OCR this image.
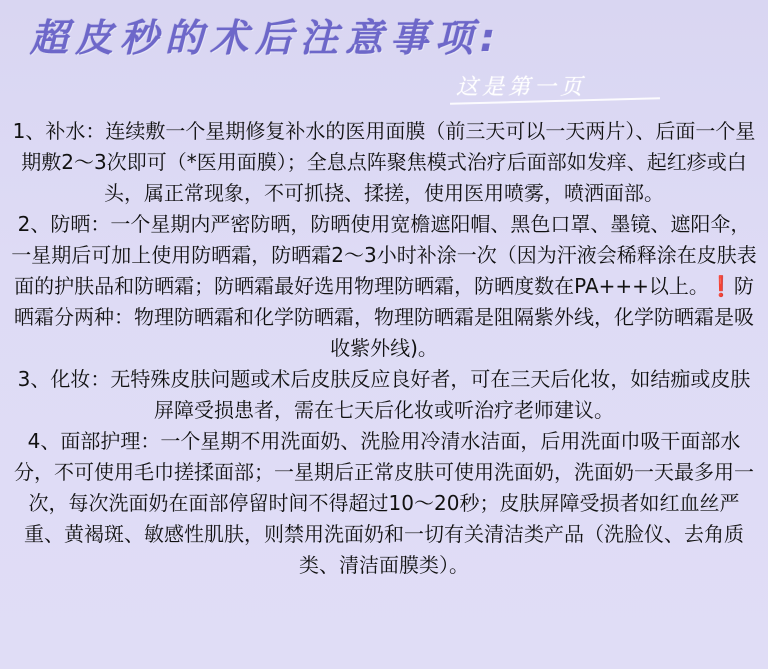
超皮秒的术后注意事项:
这是第一页

1、补水：连续敷一个星期修复补水的医用面膜（前三天可以一天两片）、后面一个星期敷2～3次即可（*医用面膜）；全息点阵聚焦模式治疗后面部如发痒、起红疹或白头，属正常现象，不可抓挠、揉搓，使用医用喷雾，喷洒面部。

2、防晒：一个星期内严密防晒，防晒使用宽檐遮阳帽、黑色口罩、墨镜、遮阳伞，一星期后可加上使用防晒霜，防晒霜2～3小时补涂一次（因为汗液会稀释涂在皮肤表面的护肤品和防晒霜；防晒霜最好选用物理防晒霜，防晒度数在PA+++以上。❗防晒霜分两种：物理防晒霜和化学防晒霜，物理防晒霜是阻隔紫外线，化学防晒霜是吸收紫外线)。

3、化妆：无特殊皮肤问题或术后皮肤反应良好者，可在三天后化妆，如结痂或皮肤屏障受损患者，需在七天后化妆或听治疗老师建议。

4、面部护理：一个星期不用洗面奶、洗脸用冷清水洁面，后用洗面巾吸干面部水分，不可使用毛巾搓揉面部；一星期后正常皮肤可使用洗面奶，洗面奶一天最多用一次，每次洗面奶在面部停留时间不得超过10～20秒；皮肤屏障受损者如红血丝严重、黄褐斑、敏感性肌肤，则禁用洗面奶和一切有关清洁类产品（洗脸仪、去角质类、清洁面膜类）。
